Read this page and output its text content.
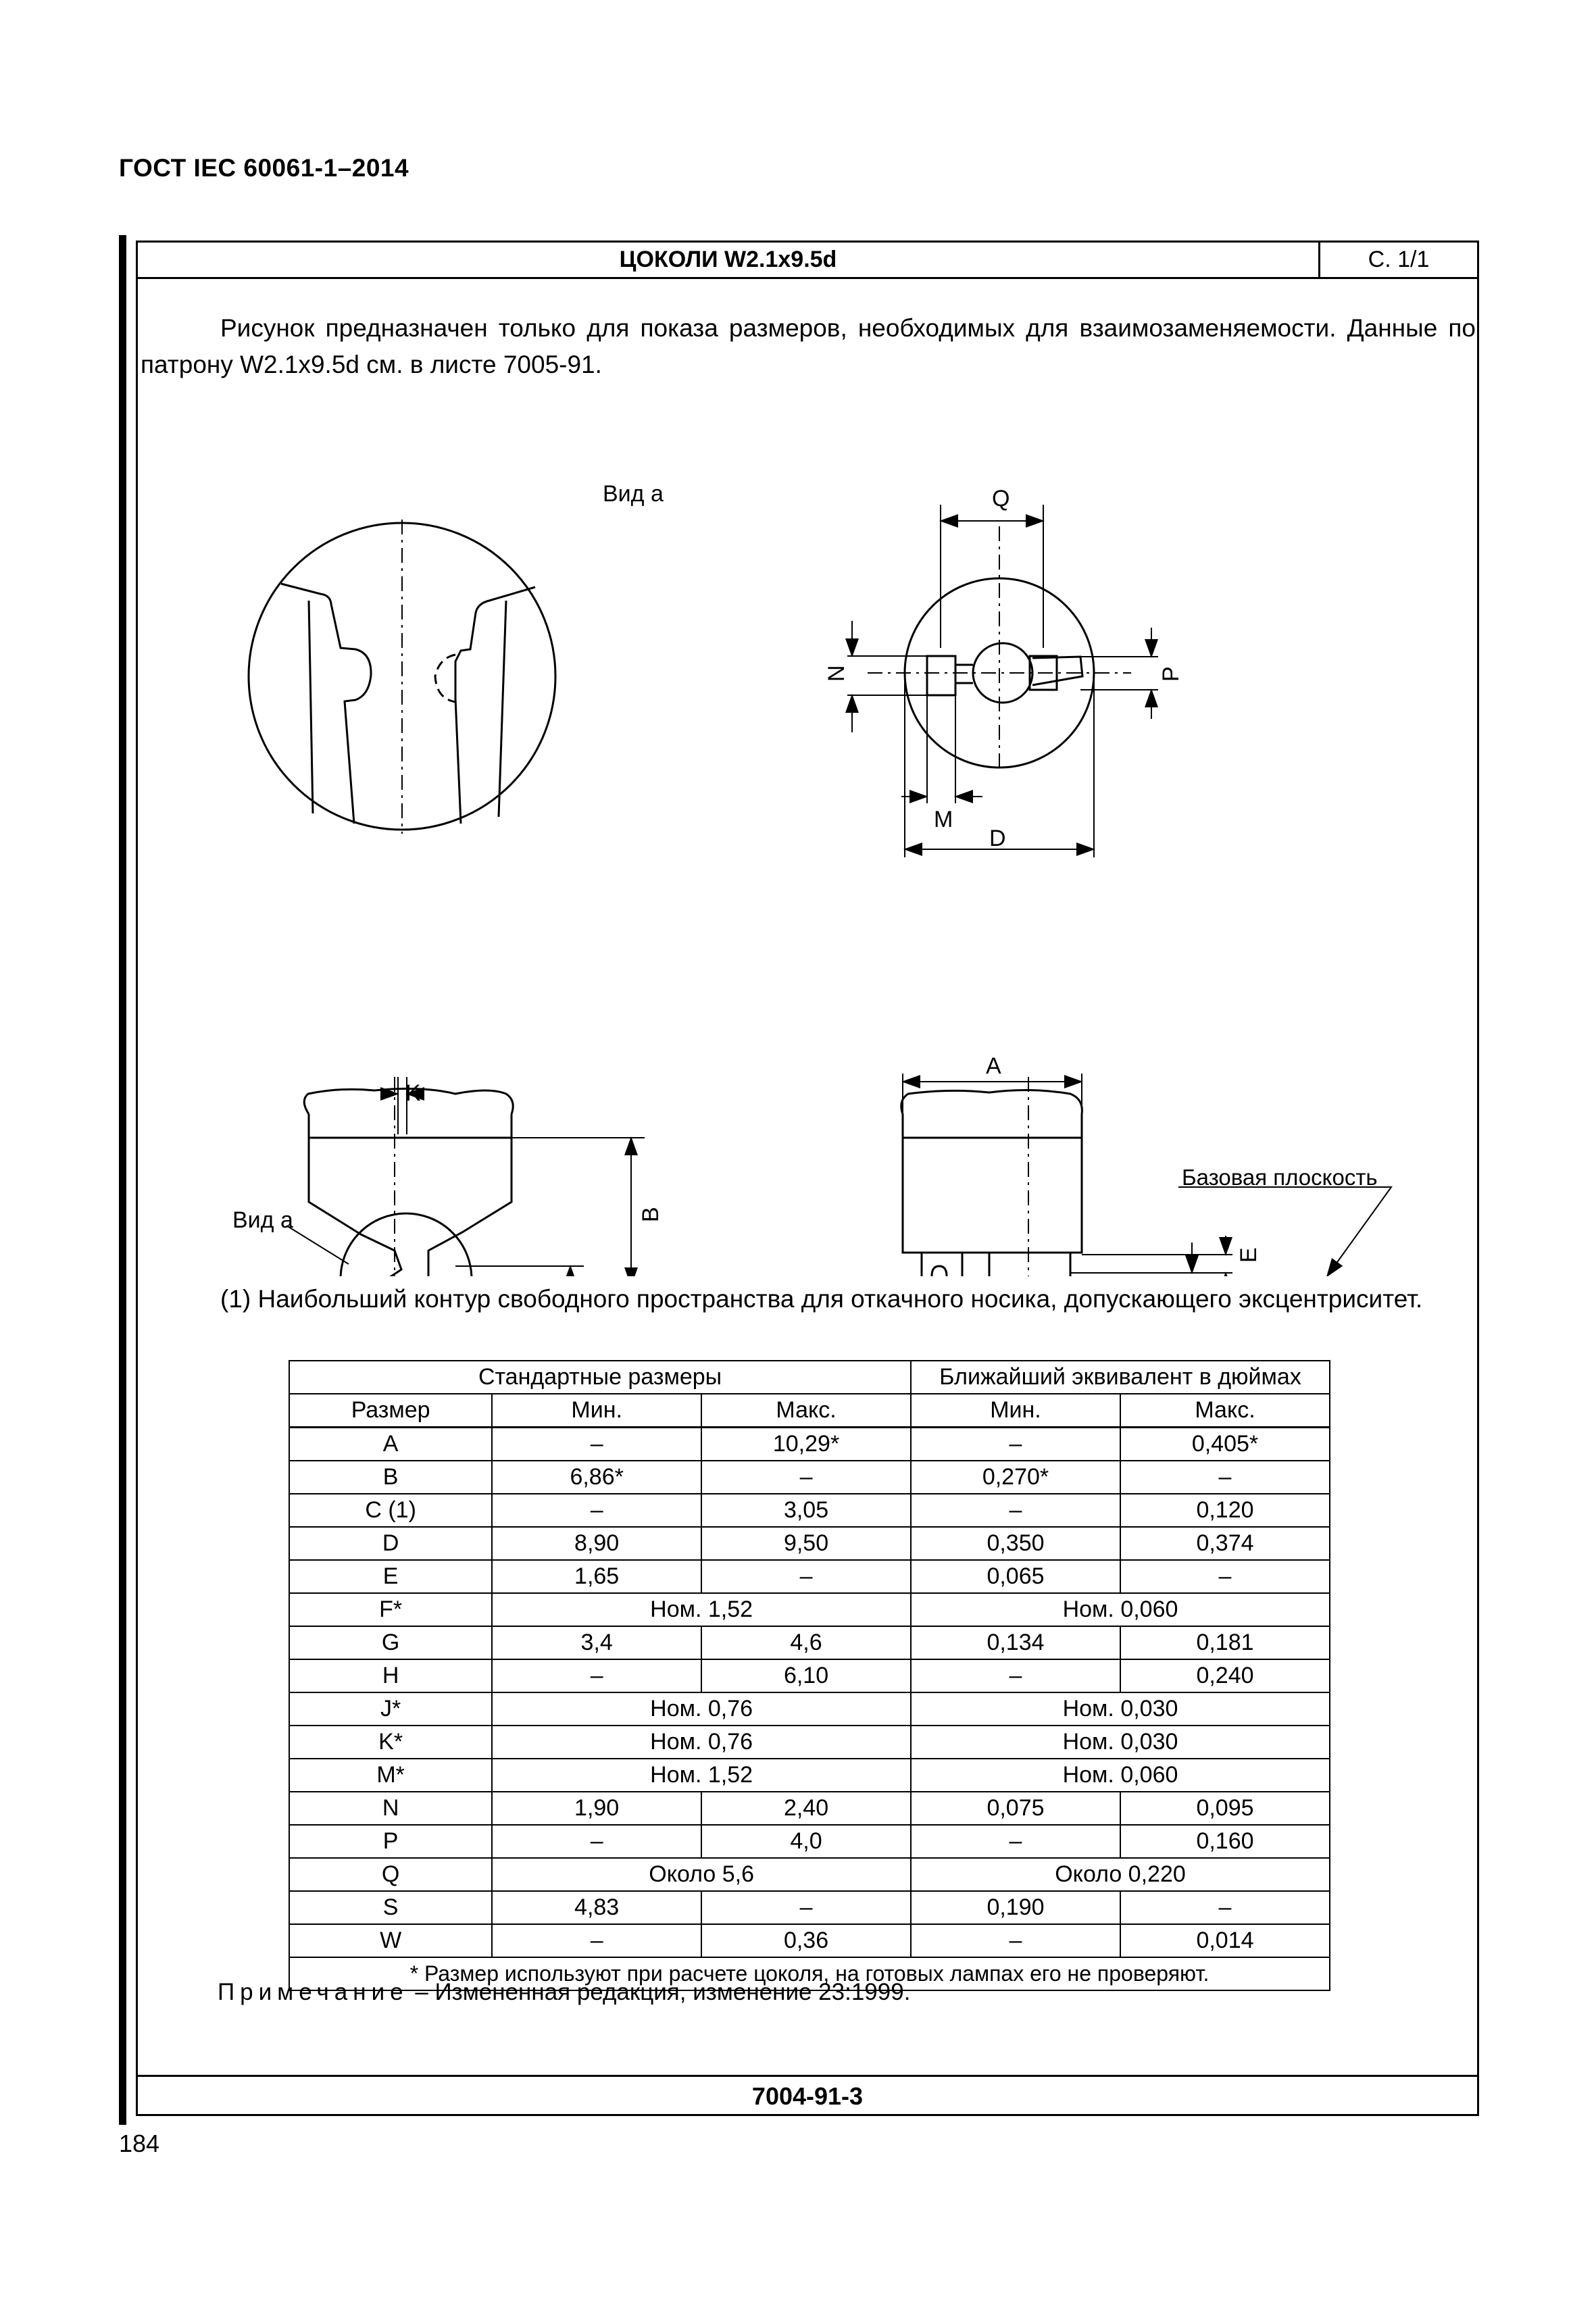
ГОСТ IEC 60061-1–2014
ЦОКОЛИ W2.1x9.5d	С. 1/1
Рисунок предназначен только для показа размеров, необходимых для взаимозаменяемости. Данные по патрону W2.1x9.5d см. в листе 7005-91.
Вид a	Q
N	P
M
D
K
B
Вид a
A
Базовая плоскость
E
(1) Наибольший контур свободного пространства для откачного носика, допускающего эксцентриситет.
Стандартные размеры			Ближайший эквивалент в дюймах	
Размер	Мин.	Макс.	Мин.	Макс.
A	–	10,29*	–	0,405*
B	6,86*	–	0,270*	–
C (1)	–	3,05	–	0,120
D	8,90	9,50	0,350	0,374
E	1,65	–	0,065	–
F*	Ном. 1,52		Ном. 0,060	
G	3,4	4,6	0,134	0,181
H	–	6,10	–	0,240
J*	Ном. 0,76		Ном. 0,030	
K*	Ном. 0,76		Ном. 0,030	
M*	Ном. 1,52		Ном. 0,060	
N	1,90	2,40	0,075	0,095
P	–	4,0	–	0,160
Q	Около 5,6		Около 0,220	
S	4,83	–	0,190	–
W	–	0,36	–	0,014
* Размер используют при расчете цоколя, на готовых лампах его не проверяют.				
Примечание – Измененная редакция, изменение 23:1999.
7004-91-3
184
